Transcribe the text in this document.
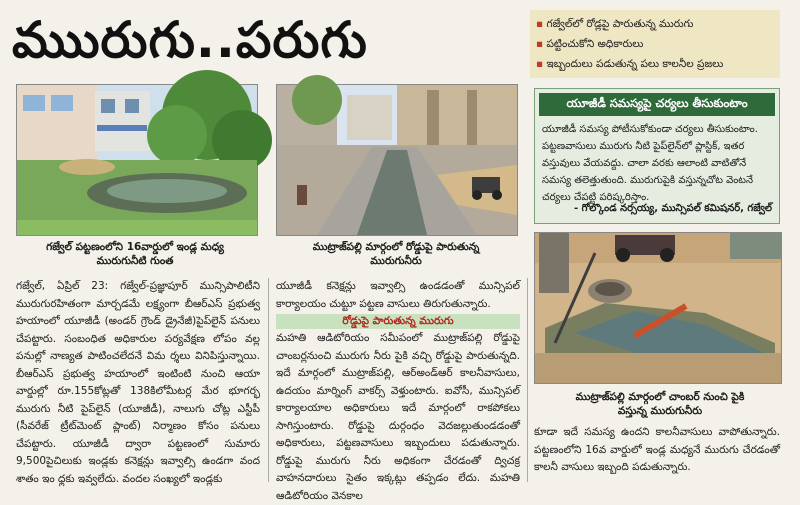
ముురుగు..పరుగు
▪	గజ్వేల్‌లో రోడ్లపై పారుతున్న మురుగు
▪ పట్టించుకోని అధికారులు
▪ ఇబ్బందులు పడుతున్న పలు కాలనీల ప్రజలు
గజ్వేల్ పట్టణంలోని 16వార్డులో ఇండ్ల మధ్య మురుగునీటి గుంత
ముట్రాజ్‌పల్లి మార్గంలో రోడ్డుపై పారుతున్న మురుగునీరు
యూజీడీ సమస్యపై చర్యలు తీసుకుంటాం
యూజీడీ సమస్య పోటీసుకోకుండా చర్యలు తీసుకుంటాం. పట్టణవాసులు మురుగు నీటి పైప్‌లైన్‌లో ప్లాస్టిక్, ఇతర వస్తువులు వేయవద్దు. చాలా వరకు ఆలాంటి వాటితోనే సమస్య తలెత్తుతుంది. మురుగుపైకి వస్తున్నచోట వెంటనే చర్యలు చేపట్టి పరిష్కరిస్తాం.
- గోల్కొండ నర్సయ్య, మున్సిపల్ కమిషనర్, గజ్వేల్
ముట్రాజ్‌పల్లి మార్గంలో చాంబర్ నుంచి పైకి వస్తున్న మురుగునీరు
గజ్వేల్, ఏప్రిల్ 23: గజ్వేల్-ప్రజ్ఞాపూర్ మున్సిపాలిటీని మురుగురహితంగా మార్చడమే లక్ష్యంగా బీఆర్ఎస్ ప్రభుత్వ హయాంలో యూజీడీ (అండర్ గ్రౌండ్ డ్రైనేజీ)పైప్‌లైన్ పనులు చేపట్టారు. సంబంధిత అధికారుల పర్యవేక్షణ లోపం వల్ల పనుల్లో నాణ్యత పాటించలేదనే విమ ర్శలు వినిపిస్తున్నాయి. బీఆర్ఎస్ ప్రభుత్వ హయాంలో ఇంటింటి నుంచి ఆయా వార్డుల్లో రూ.155కోట్లతో 138కిలోమీటర్ల మేర భూగర్భ మురుగు నీటి పైప్‌లైన్ (యూజీడీ), నాలుగు చోట్ల ఎస్టీపీ (సీవరేజ్ ట్రీట్‌మెంట్ ప్లాంట్) నిర్మాణం కోసం పనులు చేపట్టారు. యూజీడీ ద్వారా పట్టణంలో సుమారు 9,500పైచిలుకు ఇండ్లకు కనెక్షన్లు ఇవ్వాల్సి ఉండగా వంద శాతం ఇం ధ్లకు ఇవ్వలేదు. వందల సంఖ్యలో ఇండ్లకు
యూజీడీ కనెక్షన్లు ఇవ్వాల్సి ఉండడంతో మున్సిపల్ కార్యాలయం చుట్టూ పట్టణ వాసులు తిరుగుతున్నారు.
రోడ్డుపై పారుతున్న మురుగు
మహతి ఆడిటోరియం సమీపంలో ముట్రాజ్‌పల్లి రోడ్డుపై చాంబర్లనుంచి మురుగు నీరు పైకి వచ్చి రోడ్డుపై పారుతున్నది. ఇదే మార్గంలో ముట్రాజ్‌పల్లి, ఆర్అండ్‌ఆర్ కాలనీవాసులు, ఉదయం మార్నింగ్ వాకర్స్ వెళ్తుంటారు. ఐవోసీ, మున్సిపల్ కార్యాలయాల అధికారులు ఇదే మార్గంలో రాకపోకలు సాగిస్తుంటారు. రోడ్డుపై దుర్గంధం వెదజల్లుతుండడంతో అధికారులు, పట్టణవాసులు ఇబ్బందులు పడుతున్నారు. రోడ్డుపై మురుగు నీరు అధికంగా చేరడంతో ద్విచక్ర వాహనదారులు సైతం ఇక్కట్లు తప్పడం లేదు. మహతి ఆడిటోరియం వెనకాల
కూడా ఇదే సమస్య ఉందని కాలనీవాసులు వాపోతున్నారు. పట్టణంలోని 16వ వార్డులో ఇండ్ల మధ్యనే మురుగు చేరడంతో కాలనీ వాసులు ఇబ్బంది పడుతున్నారు.
